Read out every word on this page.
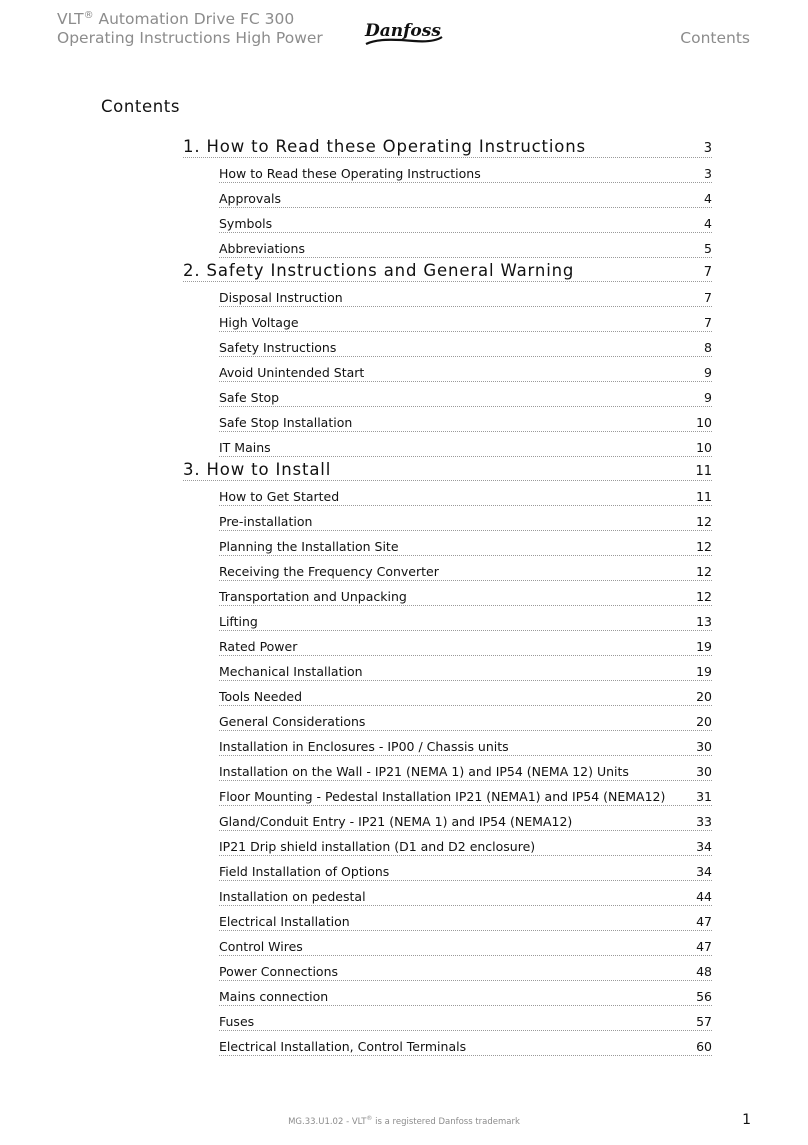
VLT® Automation Drive FC 300
Operating Instructions High Power Danfoss	Contents
Contents
1. How to Read these Operating Instructions	3
How to Read these Operating Instructions	3
Approvals	4
Symbols	4
Abbreviations	5
2. Safety Instructions and General Warning	7
Disposal Instruction	7
High Voltage	7
Safety Instructions	8
Avoid Unintended Start	9
Safe Stop	9
Safe Stop Installation	10
IT Mains	10
3. How to Install	11
How to Get Started	11
Pre-installation	12
Planning the Installation Site	12
Receiving the Frequency Converter	12
Transportation and Unpacking	12
Lifting	13
Rated Power	19
Mechanical Installation	19
Tools Needed	20
General Considerations	20
Installation in Enclosures - IP00 / Chassis units	30
Installation on the Wall - IP21 (NEMA 1) and IP54 (NEMA 12) Units	30
Floor Mounting - Pedestal Installation IP21 (NEMA1) and IP54 (NEMA12) 31
Gland/Conduit Entry - IP21 (NEMA 1) and IP54 (NEMA12)	33
IP21 Drip shield installation (D1 and D2 enclosure)	34
Field Installation of Options	34
Installation on pedestal	44
Electrical Installation	47
Control Wires	47
Power Connections	48
Mains connection	56
Fuses	57
Electrical Installation, Control Terminals	60
MG.33.U1.02 - VLT® is a registered Danfoss trademark	1
